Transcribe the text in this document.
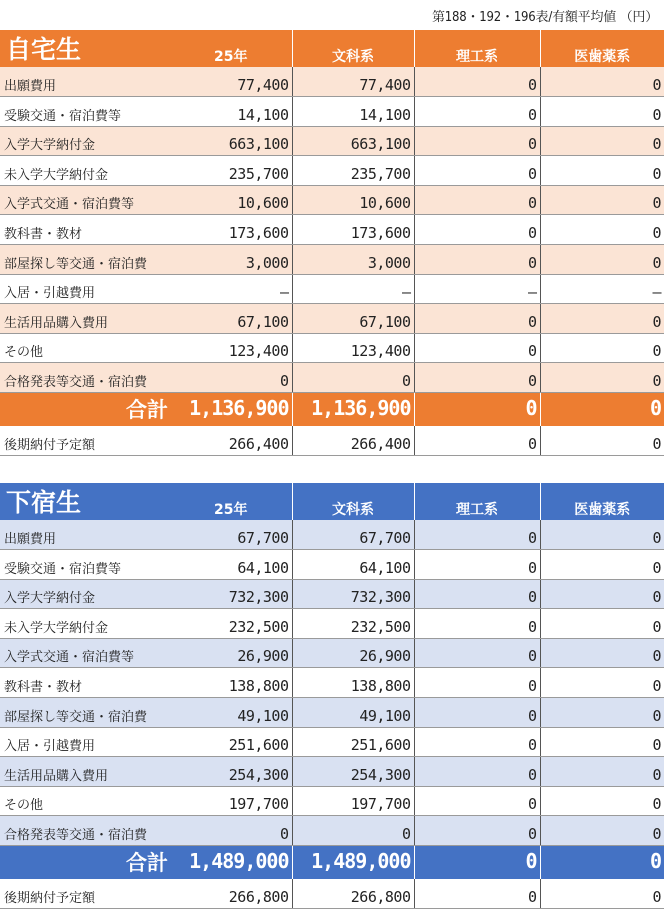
第188・192・196表/有額平均値 （円）
自宅生	25年	文科系	理工系	医歯薬系
出願費用	77,400	77,400	0	0
受験交通・宿泊費等	14,100	14,100	0	0
入学大学納付金	663,100	663,100	0	0
未入学大学納付金	235,700	235,700	0	0
入学式交通・宿泊費等	10,600	10,600	0	0
教科書・教材	173,600	173,600	0	0
部屋探し等交通・宿泊費	3,000	3,000	0	0
入居・引越費用	—	—	—	—
生活用品購入費用	67,100	67,100	0	0
その他	123,400	123,400	0	0
合格発表等交通・宿泊費	0	0	0	0
合計	1,136,900	1,136,900	0	0
後期納付予定額	266,400	266,400	0	0
下宿生	25年	文科系	理工系	医歯薬系
出願費用	67,700	67,700	0	0
受験交通・宿泊費等	64,100	64,100	0	0
入学大学納付金	732,300	732,300	0	0
未入学大学納付金	232,500	232,500	0	0
入学式交通・宿泊費等	26,900	26,900	0	0
教科書・教材	138,800	138,800	0	0
部屋探し等交通・宿泊費	49,100	49,100	0	0
入居・引越費用	251,600	251,600	0	0
生活用品購入費用	254,300	254,300	0	0
その他	197,700	197,700	0	0
合格発表等交通・宿泊費	0	0	0	0
合計	1,489,000	1,489,000	0	0
後期納付予定額	266,800	266,800	0	0
